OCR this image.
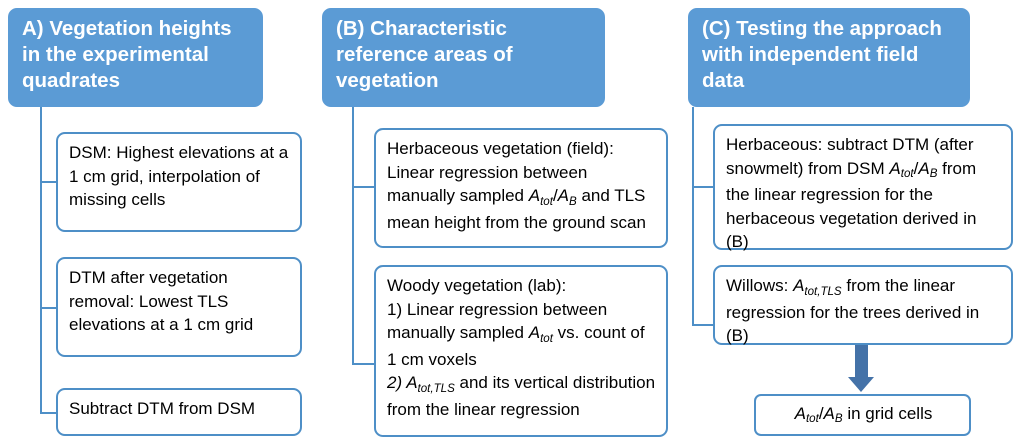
A) Vegetation heights in the experimental quadrates
DSM: Highest elevations at a 1 cm grid, interpolation of missing cells
DTM after vegetation removal: Lowest TLS elevations at a 1 cm grid
Subtract DTM from DSM
(B) Characteristic reference areas of vegetation
Herbaceous vegetation (field): Linear regression between manually sampled $A_{tot}/A_B$ and TLS mean height from the ground scan
Woody vegetation (lab):
1) Linear regression between manually sampled $A_{tot}$ vs. count of 1 cm voxels
2) $A_{tot,TLS}$ and its vertical distribution from the linear regression
(C) Testing the approach with independent field data
Herbaceous: subtract DTM (after snowmelt) from DSM $A_{tot}/A_B$ from the linear regression for the herbaceous vegetation derived in (B)
Willows: $A_{tot,TLS}$ from the linear regression for the trees derived in (B)
$A_{tot}/A_B$ in grid cells
